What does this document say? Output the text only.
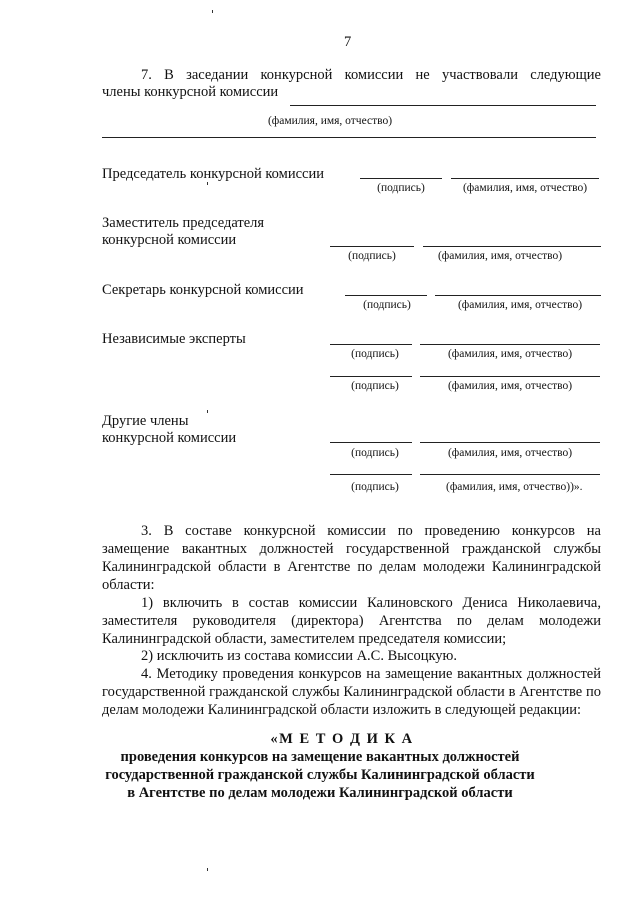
7
7. В заседании конкурсной комиссии не участвовали следующие
члены конкурсной комиссии
(фамилия, имя, отчество)
Председатель конкурсной комиссии
(подпись)	(фамилия, имя, отчество)
Заместитель председателя
конкурсной комиссии
(подпись)	(фамилия, имя, отчество)
Секретарь конкурсной комиссии
(подпись)	(фамилия, имя, отчество)
Независимые эксперты
(подпись)	(фамилия, имя, отчество)
(подпись)	(фамилия, имя, отчество)
Другие члены
конкурсной комиссии
(подпись)	(фамилия, имя, отчество)
(подпись)	(фамилия, имя, отчество))».
3. В составе конкурсной комиссии по проведению конкурсов на
замещение вакантных должностей государственной гражданской службы
Калининградской области в Агентстве по делам молодежи Калининградской
области:
1) включить в состав комиссии Калиновского Дениса Николаевича,
заместителя руководителя (директора) Агентства по делам молодежи
Калининградской области, заместителем председателя комиссии;
2) исключить из состава комиссии А.С. Высоцкую.
4. Методику проведения конкурсов на замещение вакантных должностей
государственной гражданской службы Калининградской области в Агентстве по
делам молодежи Калининградской области изложить в следующей редакции:
«М Е Т О Д И К А
проведения конкурсов на замещение вакантных должностей
государственной гражданской службы Калининградской области
в Агентстве по делам молодежи Калининградской области
